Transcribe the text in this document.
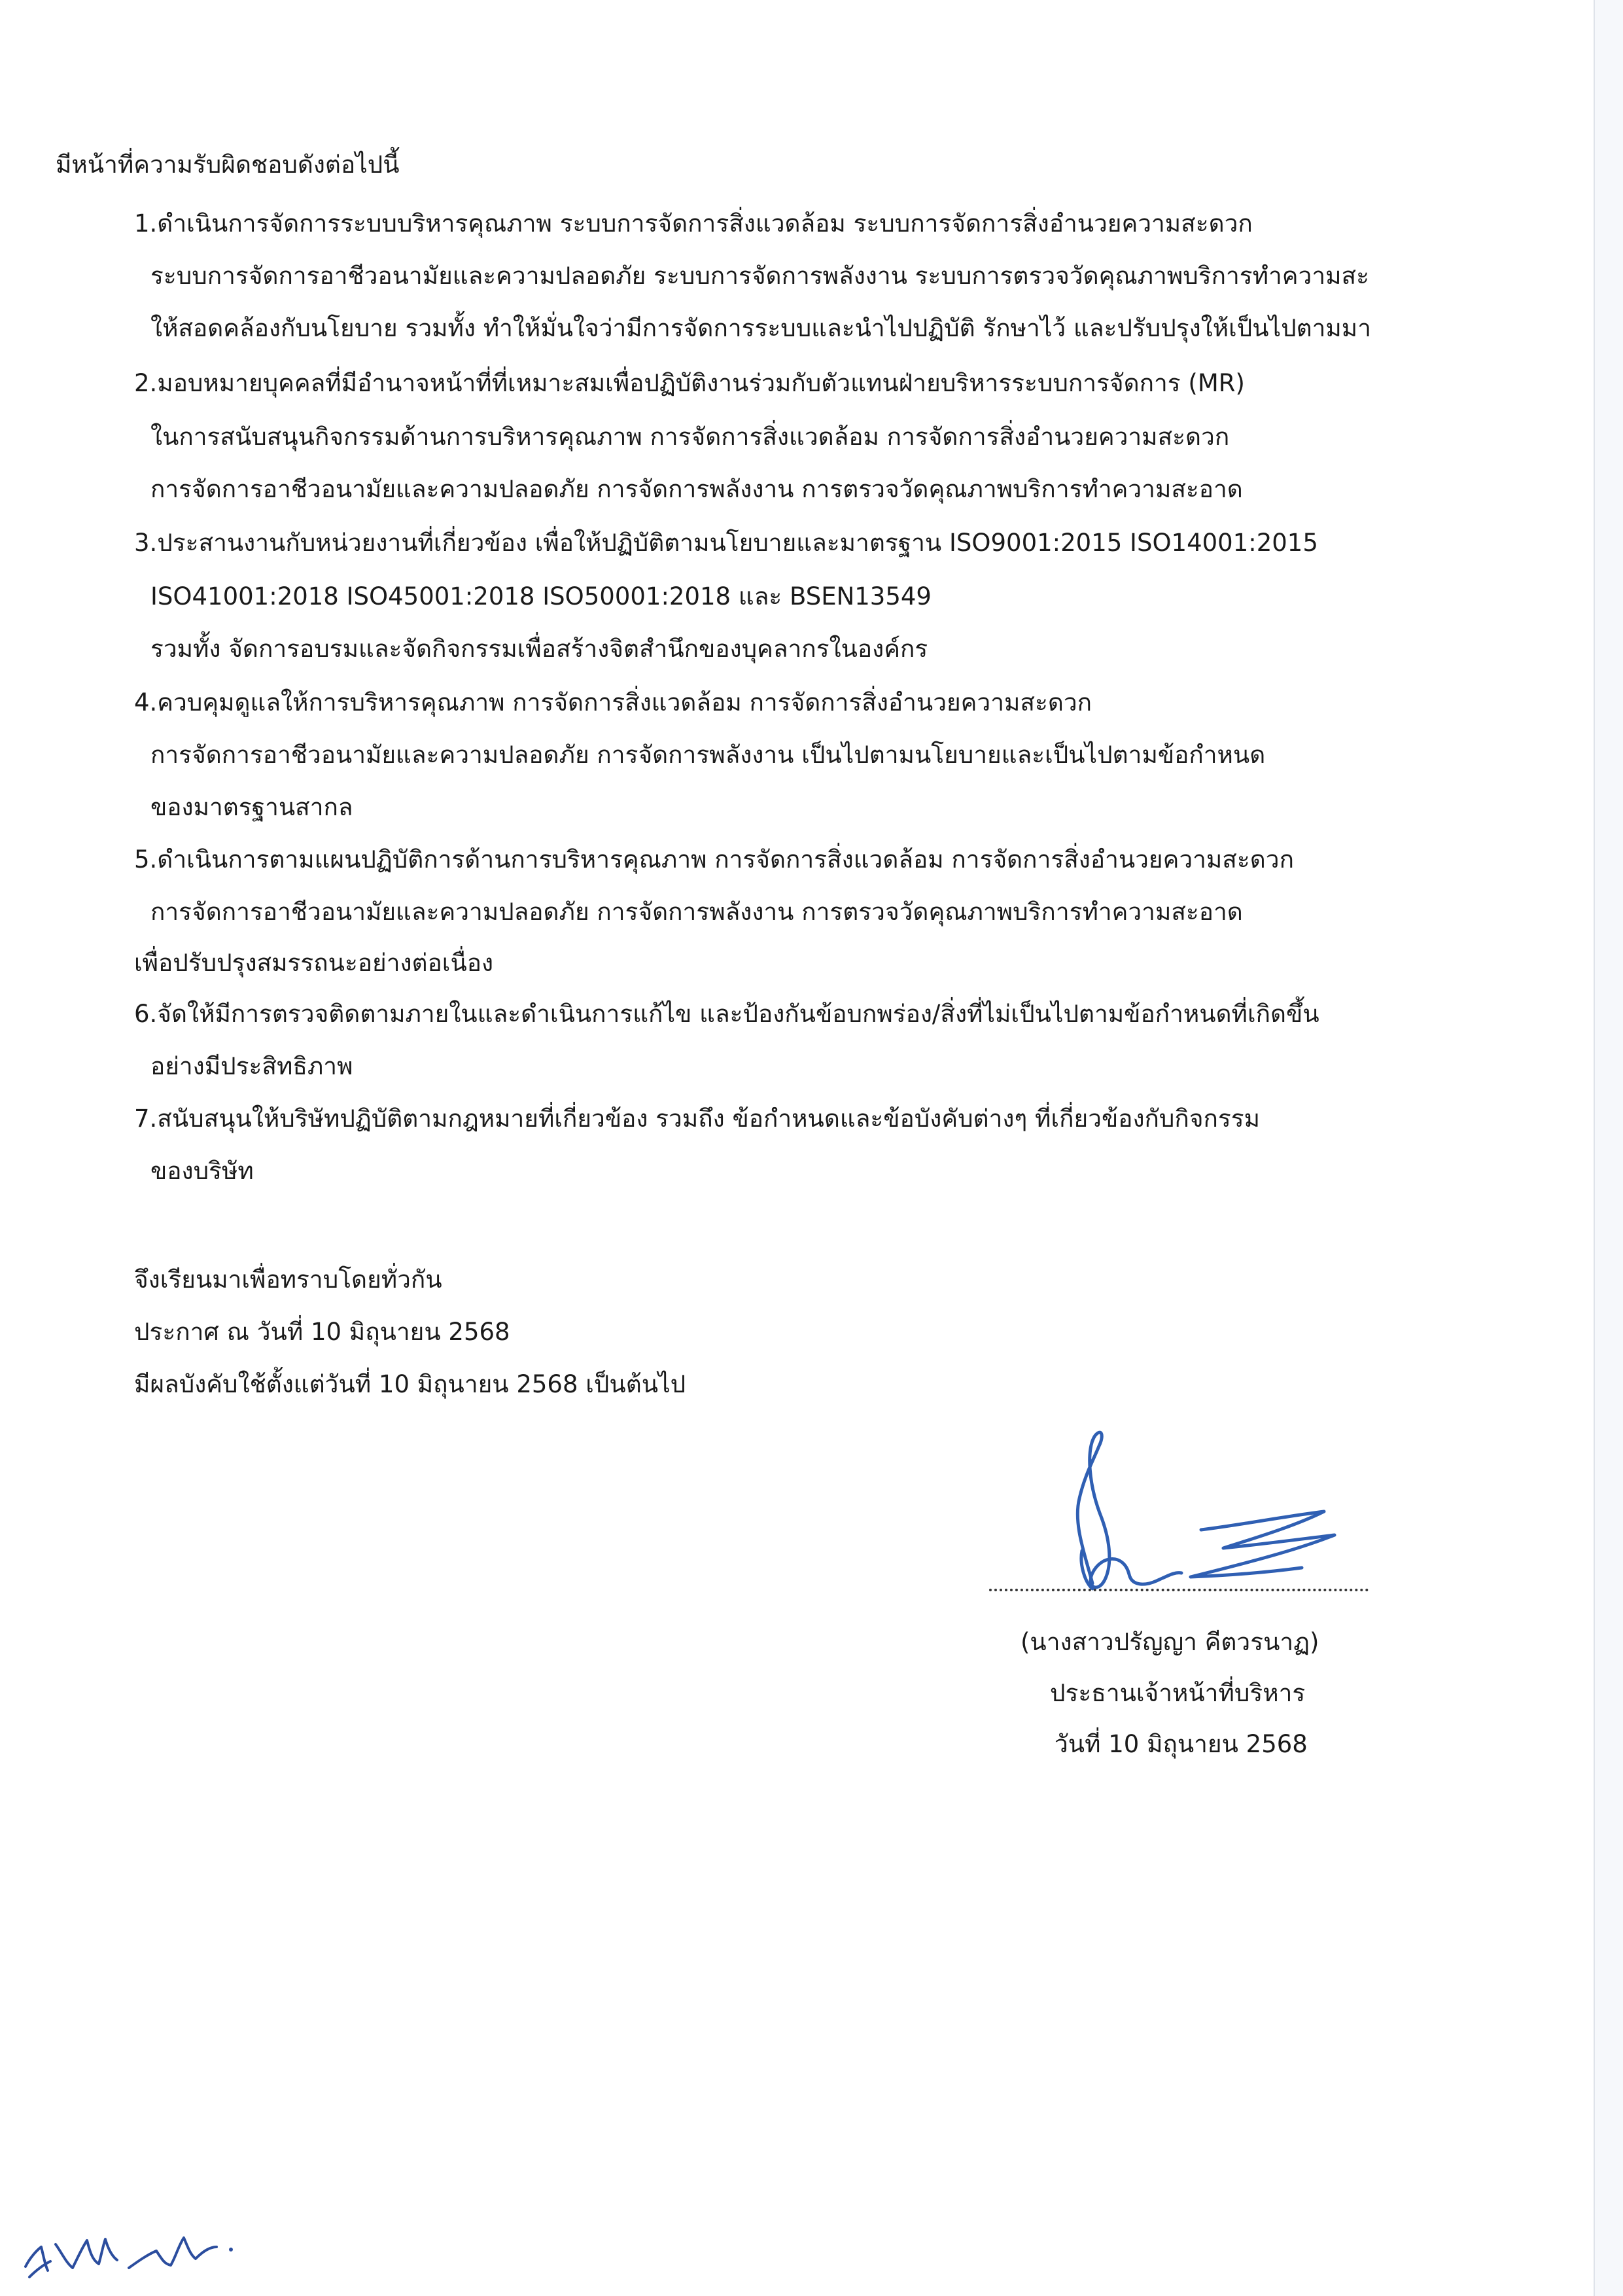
มีหน้าที่ความรับผิดชอบดังต่อไปนี้

1.ดำเนินการจัดการระบบบริหารคุณภาพ ระบบการจัดการสิ่งแวดล้อม ระบบการจัดการสิ่งอำนวยความสะดวก

ระบบการจัดการอาชีวอนามัยและความปลอดภัย ระบบการจัดการพลังงาน ระบบการตรวจวัดคุณภาพบริการทำความสะ

ให้สอดคล้องกับนโยบาย รวมทั้ง ทำให้มั่นใจว่ามีการจัดการระบบและนำไปปฏิบัติ รักษาไว้ และปรับปรุงให้เป็นไปตามมา

2.มอบหมายบุคคลที่มีอำนาจหน้าที่ที่เหมาะสมเพื่อปฏิบัติงานร่วมกับตัวแทนฝ่ายบริหารระบบการจัดการ (MR)

ในการสนับสนุนกิจกรรมด้านการบริหารคุณภาพ การจัดการสิ่งแวดล้อม การจัดการสิ่งอำนวยความสะดวก

การจัดการอาชีวอนามัยและความปลอดภัย การจัดการพลังงาน การตรวจวัดคุณภาพบริการทำความสะอาด

3.ประสานงานกับหน่วยงานที่เกี่ยวข้อง เพื่อให้ปฏิบัติตามนโยบายและมาตรฐาน ISO9001:2015 ISO14001:2015

ISO41001:2018 ISO45001:2018 ISO50001:2018 และ BSEN13549

รวมทั้ง จัดการอบรมและจัดกิจกรรมเพื่อสร้างจิตสำนึกของบุคลากรในองค์กร

4.ควบคุมดูแลให้การบริหารคุณภาพ การจัดการสิ่งแวดล้อม การจัดการสิ่งอำนวยความสะดวก

การจัดการอาชีวอนามัยและความปลอดภัย การจัดการพลังงาน เป็นไปตามนโยบายและเป็นไปตามข้อกำหนด

ของมาตรฐานสากล

5.ดำเนินการตามแผนปฏิบัติการด้านการบริหารคุณภาพ การจัดการสิ่งแวดล้อม การจัดการสิ่งอำนวยความสะดวก

การจัดการอาชีวอนามัยและความปลอดภัย การจัดการพลังงาน การตรวจวัดคุณภาพบริการทำความสะอาด

เพื่อปรับปรุงสมรรถนะอย่างต่อเนื่อง

6.จัดให้มีการตรวจติดตามภายในและดำเนินการแก้ไข และป้องกันข้อบกพร่อง/สิ่งที่ไม่เป็นไปตามข้อกำหนดที่เกิดขึ้น

อย่างมีประสิทธิภาพ

7.สนับสนุนให้บริษัทปฏิบัติตามกฎหมายที่เกี่ยวข้อง รวมถึง ข้อกำหนดและข้อบังคับต่างๆ ที่เกี่ยวข้องกับกิจกรรม

ของบริษัท

จึงเรียนมาเพื่อทราบโดยทั่วกัน

ประกาศ ณ วันที่ 10 มิถุนายน 2568

มีผลบังคับใช้ตั้งแต่วันที่ 10 มิถุนายน 2568 เป็นต้นไป

(นางสาวปรัญญา คีตวรนาฏ)

ประธานเจ้าหน้าที่บริหาร

วันที่ 10 มิถุนายน 2568
